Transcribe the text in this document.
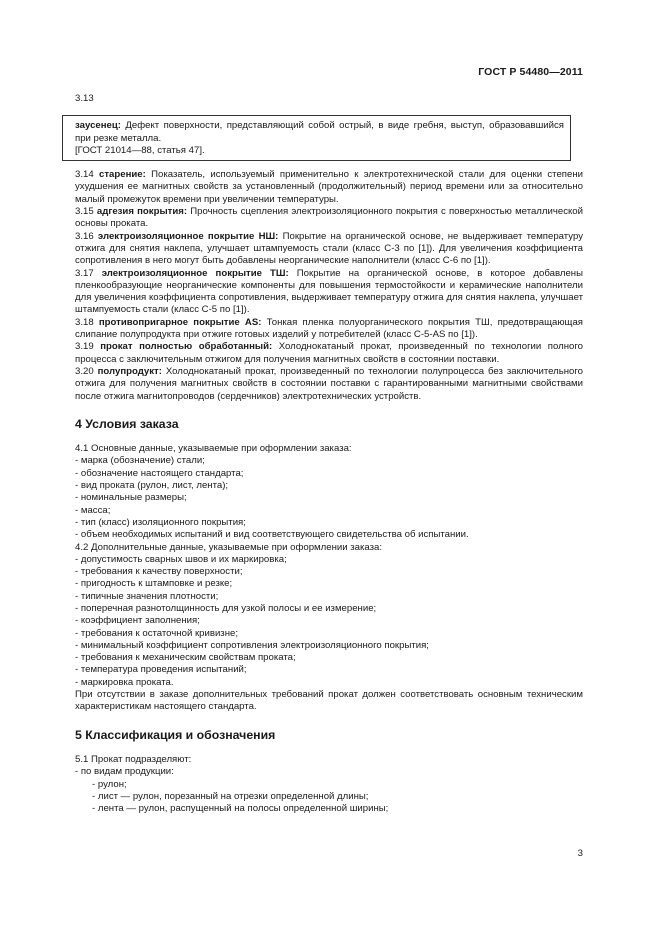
ГОСТ Р 54480—2011

3.13

заусенец: Дефект поверхности, представляющий собой острый, в виде гребня, выступ, образовавшийся при резке металла.

[ГОСТ 21014—88, статья 47].

3.14 старение: Показатель, используемый применительно к электротехнической стали для оценки степени ухудшения ее магнитных свойств за установленный (продолжительный) период времени или за относительно малый промежуток времени при увеличении температуры.

3.15 адгезия покрытия: Прочность сцепления электроизоляционного покрытия с поверхностью металлической основы проката.

3.16 электроизоляционное покрытие НШ: Покрытие на органической основе, не выдерживает температуру отжига для снятия наклепа, улучшает штампуемость стали (класс С-3 по [1]). Для увеличения коэффициента сопротивления в него могут быть добавлены неорганические наполнители (класс С-6 по [1]).

3.17 электроизоляционное покрытие ТШ: Покрытие на органической основе, в которое добавлены пленкообразующие неорганические компоненты для повышения термостойкости и керамические наполнители для увеличения коэффициента сопротивления, выдерживает температуру отжига для снятия наклепа, улучшает штампуемость стали (класс С-5 по [1]).

3.18 противопригарное покрытие AS: Тонкая пленка полуорганического покрытия ТШ, предотвращающая слипание полупродукта при отжиге готовых изделий у потребителей (класс С-5-AS по [1]).

3.19 прокат полностью обработанный: Холоднокатаный прокат, произведенный по технологии полного процесса с заключительным отжигом для получения магнитных свойств в состоянии поставки.

3.20 полупродукт: Холоднокатаный прокат, произведенный по технологии полупроцесса без заключительного отжига для получения магнитных свойств в состоянии поставки с гарантированными магнитными свойствами после отжига магнитопроводов (сердечников) электротехнических устройств.

4 Условия заказа

4.1 Основные данные, указываемые при оформлении заказа:

- марка (обозначение) стали;

- обозначение настоящего стандарта;

- вид проката (рулон, лист, лента);

- номинальные размеры;

- масса;

- тип (класс) изоляционного покрытия;

- объем необходимых испытаний и вид соответствующего свидетельства об испытании.

4.2 Дополнительные данные, указываемые при оформлении заказа:

- допустимость сварных швов и их маркировка;

- требования к качеству поверхности;

- пригодность к штамповке и резке;

- типичные значения плотности;

- поперечная разнотолщинность для узкой полосы и ее измерение;

- коэффициент заполнения;

- требования к остаточной кривизне;

- минимальный коэффициент сопротивления электроизоляционного покрытия;

- требования к механическим свойствам проката;

- температура проведения испытаний;

- маркировка проката.

При отсутствии в заказе дополнительных требований прокат должен соответствовать основным техническим характеристикам настоящего стандарта.

5 Классификация и обозначения

5.1 Прокат подразделяют:

- по видам продукции:

- рулон;

- лист — рулон, порезанный на отрезки определенной длины;

- лента — рулон, распущенный на полосы определенной ширины;

3
